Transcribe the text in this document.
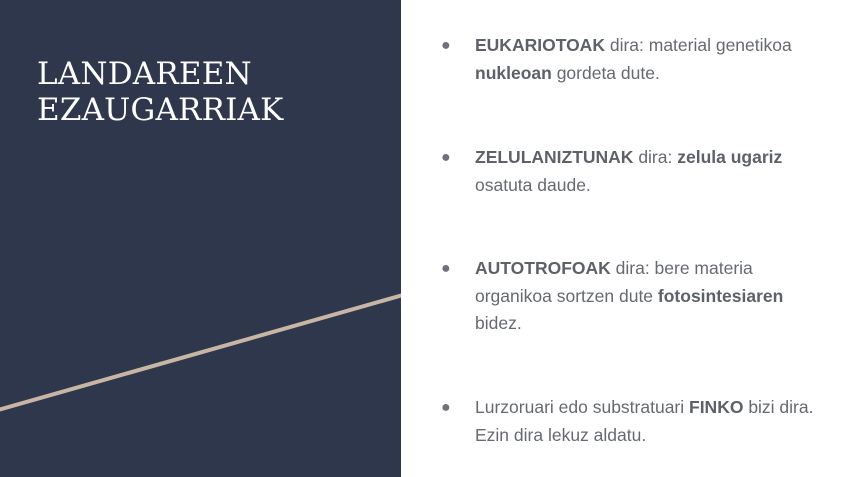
LANDAREEN
EZAUGARRIAK
●	EUKARIOTOAK dira: material genetikoa nukleoan gordeta dute.
●	ZELULANIZTUNAK dira: zelula ugariz osatuta daude.
●	AUTOTROFOAK dira: bere materia organikoa sortzen dute fotosintesiaren bidez.
●	Lurzoruari edo substratuari FINKO bizi dira. Ezin dira lekuz aldatu.
